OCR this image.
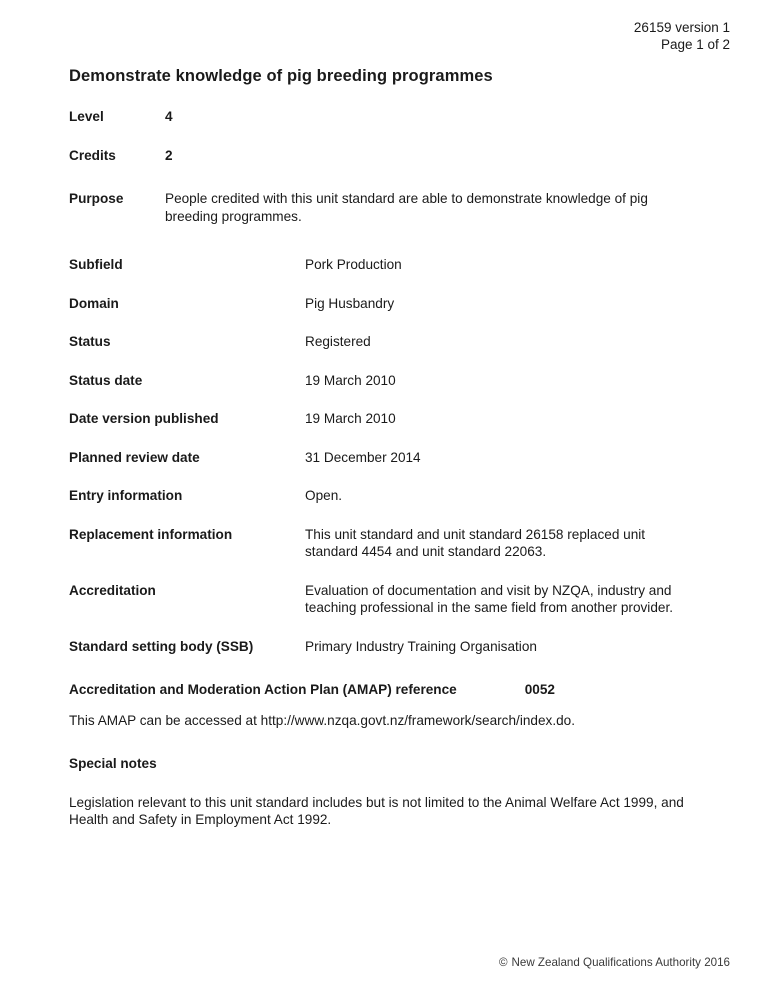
26159 version 1
Page 1 of 2
Demonstrate knowledge of pig breeding programmes
Level	4
Credits	2
Purpose	People credited with this unit standard are able to demonstrate knowledge of pig breeding programmes.
Subfield	Pork Production
Domain	Pig Husbandry
Status	Registered
Status date	19 March 2010
Date version published	19 March 2010
Planned review date	31 December 2014
Entry information	Open.
Replacement information	This unit standard and unit standard 26158 replaced unit standard 4454 and unit standard 22063.
Accreditation	Evaluation of documentation and visit by NZQA, industry and teaching professional in the same field from another provider.
Standard setting body (SSB)	Primary Industry Training Organisation
Accreditation and Moderation Action Plan (AMAP) reference	0052
This AMAP can be accessed at http://www.nzqa.govt.nz/framework/search/index.do.
Special notes
Legislation relevant to this unit standard includes but is not limited to the Animal Welfare Act 1999, and Health and Safety in Employment Act 1992.
© New Zealand Qualifications Authority 2016
